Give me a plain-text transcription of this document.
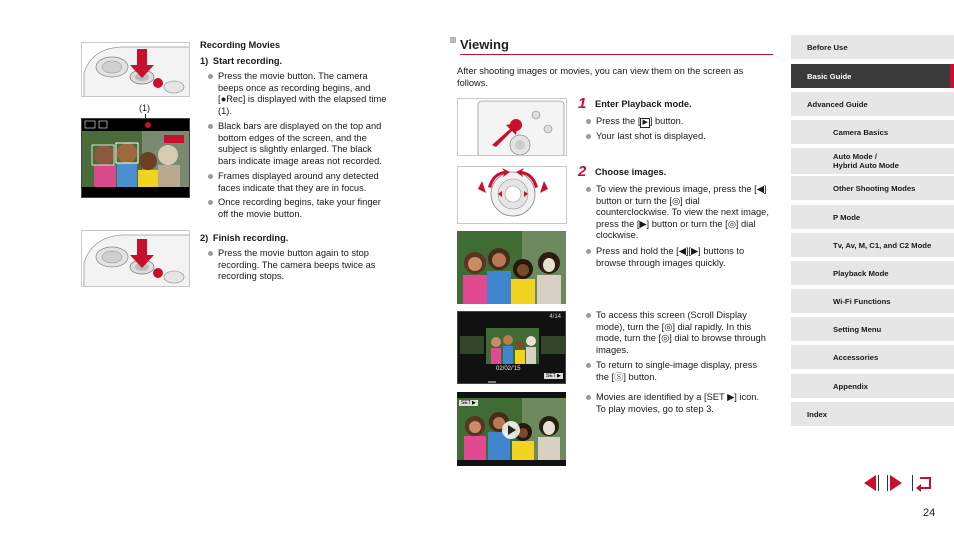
(1)
Recording Movies
1) Start recording.
Press the movie button. The camera beeps once as recording begins, and [●Rec] is displayed with the elapsed time (1).
Black bars are displayed on the top and bottom edges of the screen, and the subject is slightly enlarged. The black bars indicate image areas not recorded.
Frames displayed around any detected faces indicate that they are in focus.
Once recording begins, take your finger off the movie button.
2) Finish recording.
Press the movie button again to stop recording. The camera beeps twice as recording stops.
Viewing
After shooting images or movies, you can view them on the screen as follows.
1 Enter Playback mode.
Press the [ ▶ ] button.
Your last shot is displayed.
2 Choose images.
To view the previous image, press the [◀] button or turn the [◎] dial counterclockwise. To view the next image, press the [▶] button or turn the [◎] dial clockwise.
Press and hold the [◀][▶] buttons to browse through images quickly.
4/14
02/02/'15
SET ▶
To access this screen (Scroll Display mode), turn the [◎] dial rapidly. In this mode, turn the [◎] dial to browse through images.
To return to single-image display, press the [Ⓢ] button.
SET ▶
Movies are identified by a [SET ▶] icon. To play movies, go to step 3.
Before Use
Basic Guide
Advanced Guide
Camera Basics
Auto Mode /
Hybrid Auto Mode
Other Shooting Modes
P Mode
Tv, Av, M, C1, and C2 Mode
Playback Mode
Wi-Fi Functions
Setting Menu
Accessories
Appendix
Index
24
